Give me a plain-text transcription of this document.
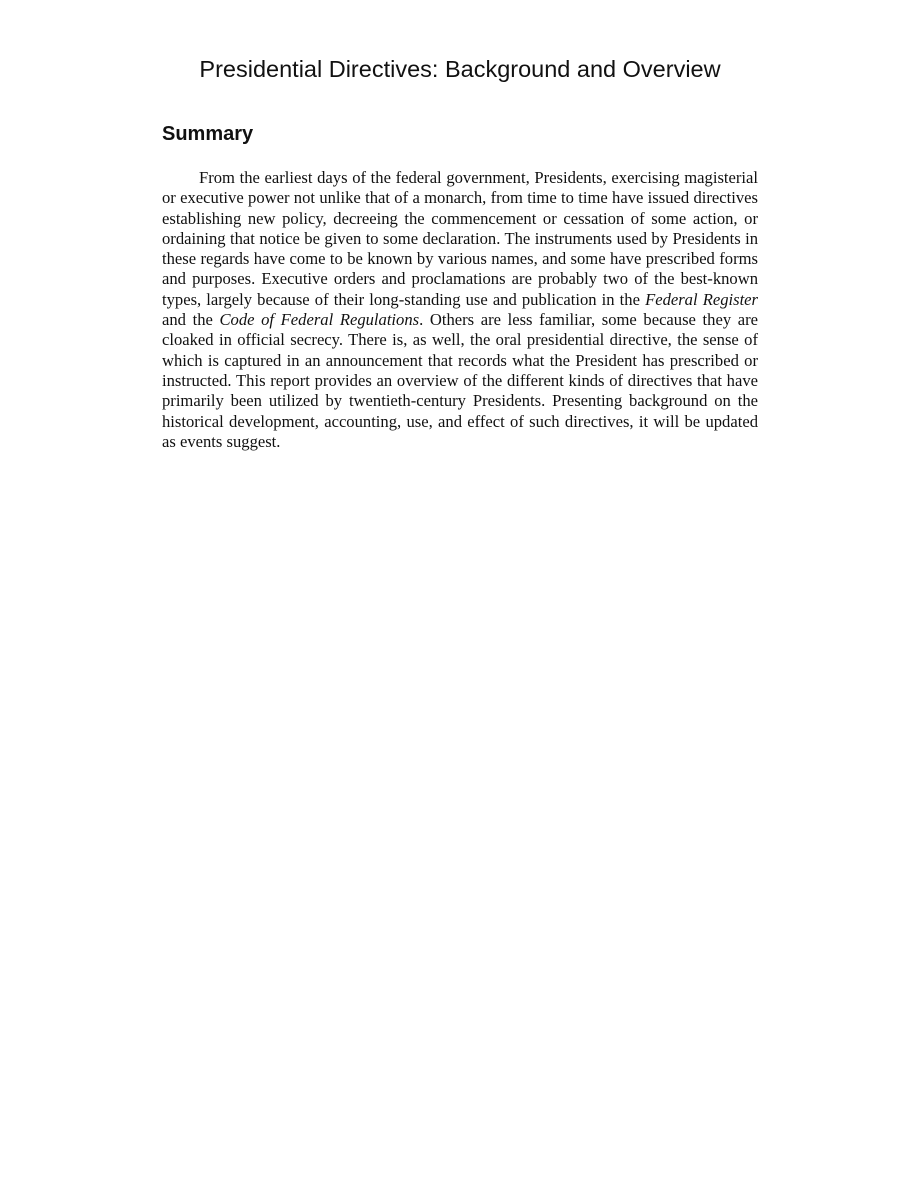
Presidential Directives: Background and Overview
Summary

From the earliest days of the federal government, Presidents, exercising magisterial or executive power not unlike that of a monarch, from time to time have issued directives establishing new policy, decreeing the commencement or cessation of some action, or ordaining that notice be given to some declaration. The instruments used by Presidents in these regards have come to be known by various names, and some have prescribed forms and purposes. Executive orders and proclamations are probably two of the best-known types, largely because of their long-standing use and publication in the Federal Register and the Code of Federal Regulations. Others are less familiar, some because they are cloaked in official secrecy. There is, as well, the oral presidential directive, the sense of which is captured in an announcement that records what the President has prescribed or instructed. This report provides an overview of the different kinds of directives that have primarily been utilized by twentieth-century Presidents. Presenting background on the historical development, accounting, use, and effect of such directives, it will be updated as events suggest.
